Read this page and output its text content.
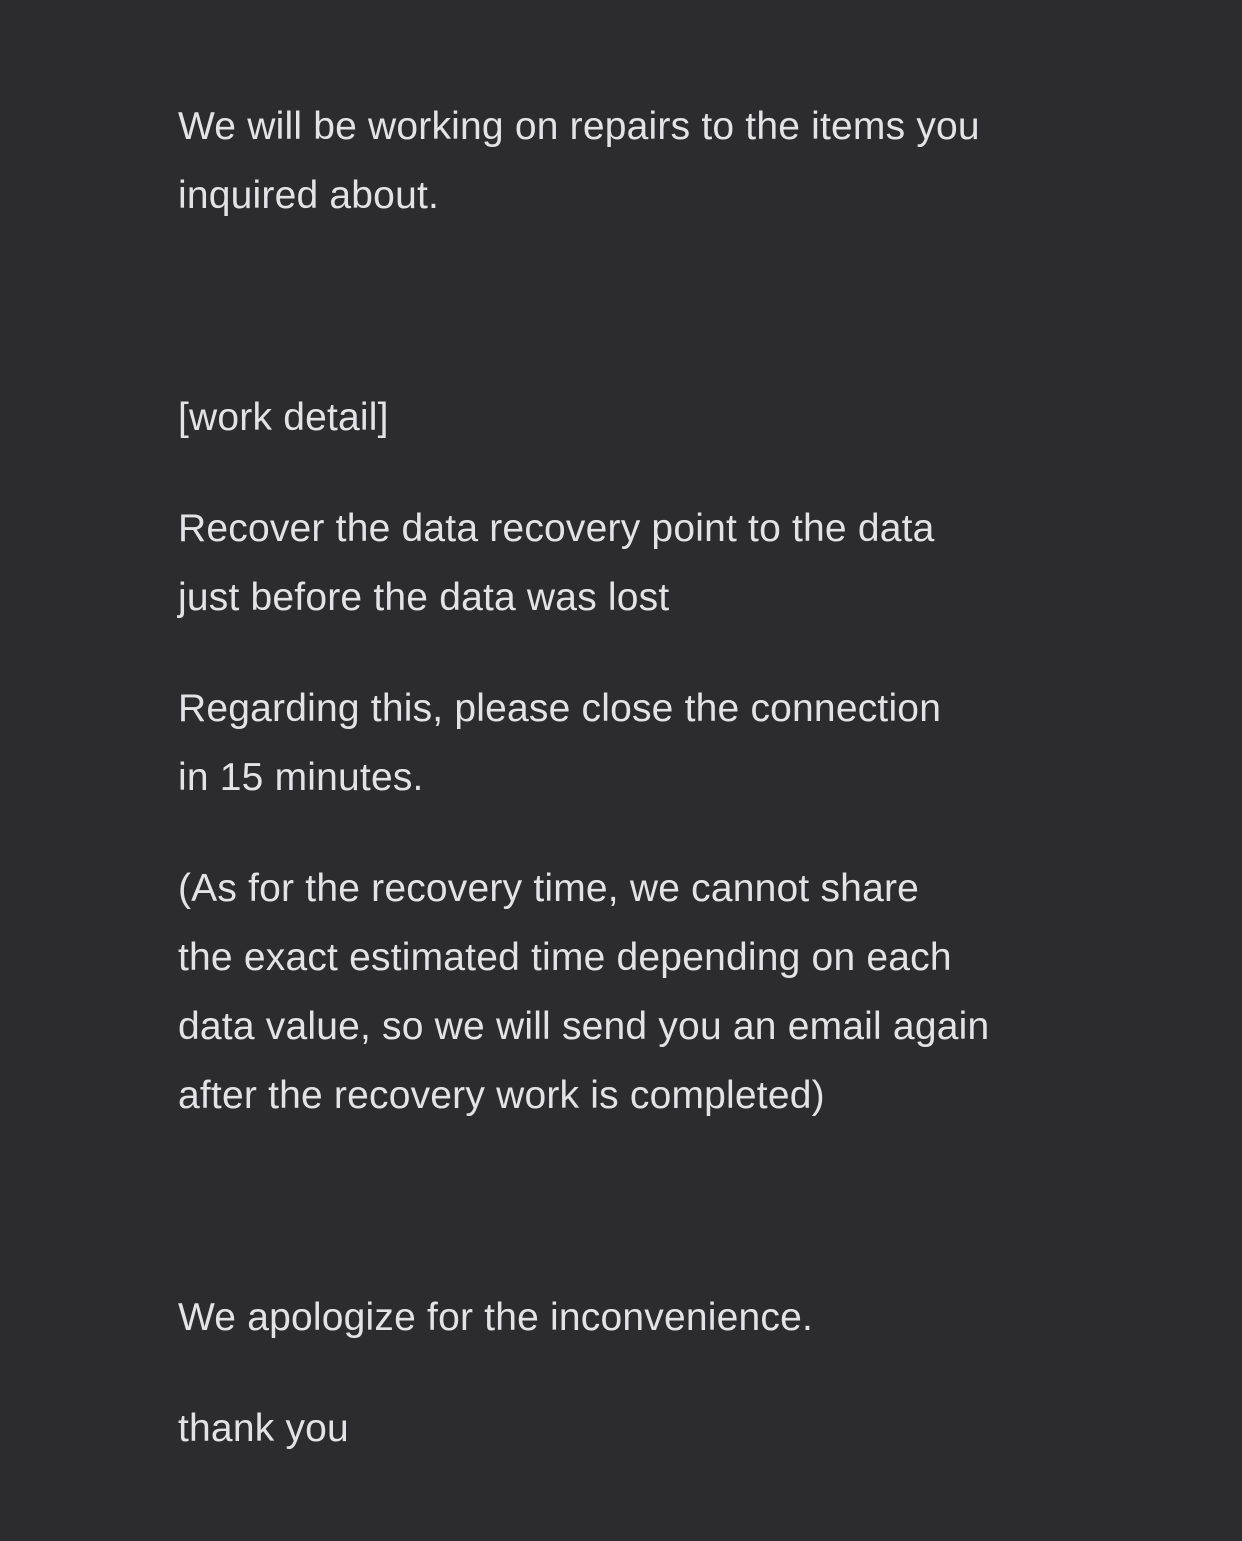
We will be working on repairs to the items you
inquired about.

[work detail]

Recover the data recovery point to the data
just before the data was lost

Regarding this, please close the connection
in 15 minutes.

(As for the recovery time, we cannot share
the exact estimated time depending on each
data value, so we will send you an email again
after the recovery work is completed)

We apologize for the inconvenience.

thank you
